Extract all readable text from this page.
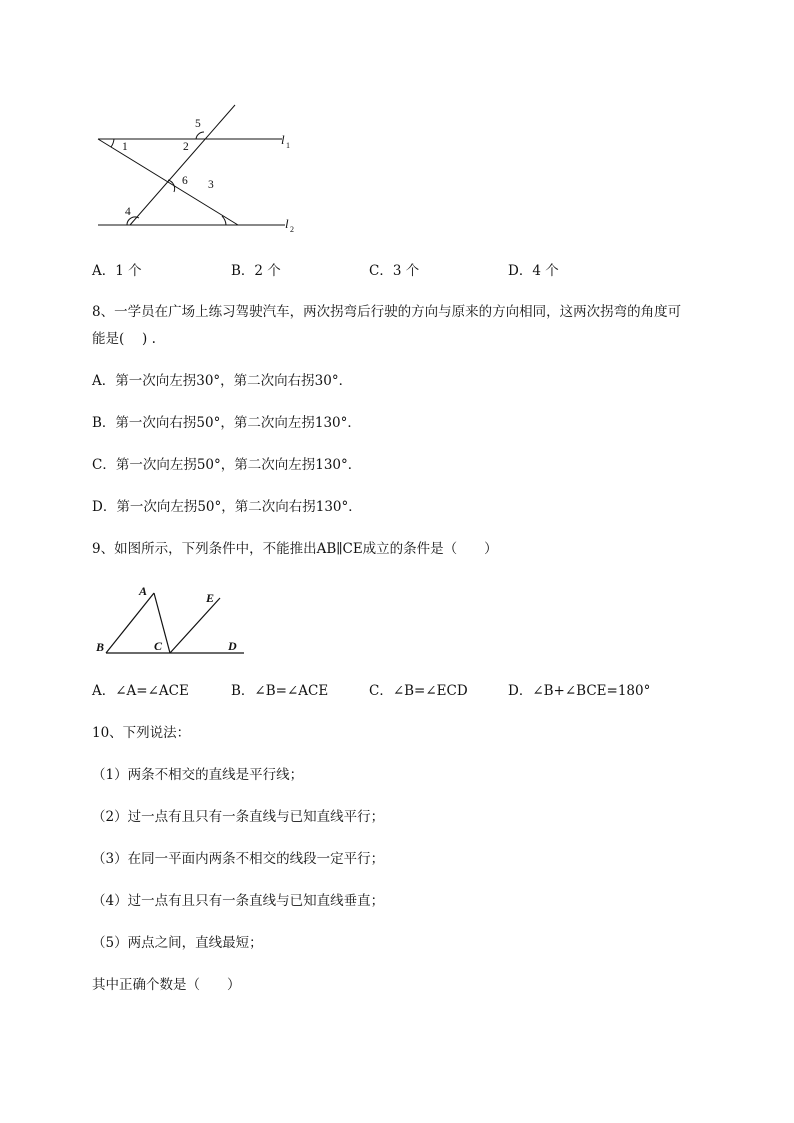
1	2
3
4
5
6
l 1
l 2
A．1 个	B．2 个	C．3 个	D．4 个
8、一学员在广场上练习驾驶汽车，两次拐弯后行驶的方向与原来的方向相同，这两次拐弯的角度可
能是(　 ) .
A．第一次向左拐30°，第二次向右拐30°．
B．第一次向右拐50°，第二次向左拐130°．
C．第一次向左拐50°，第二次向左拐130°．
D．第一次向左拐50°，第二次向右拐130°．
9、如图所示，下列条件中，不能推出AB∥CE成立的条件是（　　）
A
B	C	D
E
A．∠A=∠ACE	B．∠B=∠ACE	C．∠B=∠ECD	D．∠B+∠BCE=180°
10、下列说法：
（1）两条不相交的直线是平行线；
（2）过一点有且只有一条直线与已知直线平行；
（3）在同一平面内两条不相交的线段一定平行；
（4）过一点有且只有一条直线与已知直线垂直；
（5）两点之间，直线最短；
其中正确个数是（　　）
